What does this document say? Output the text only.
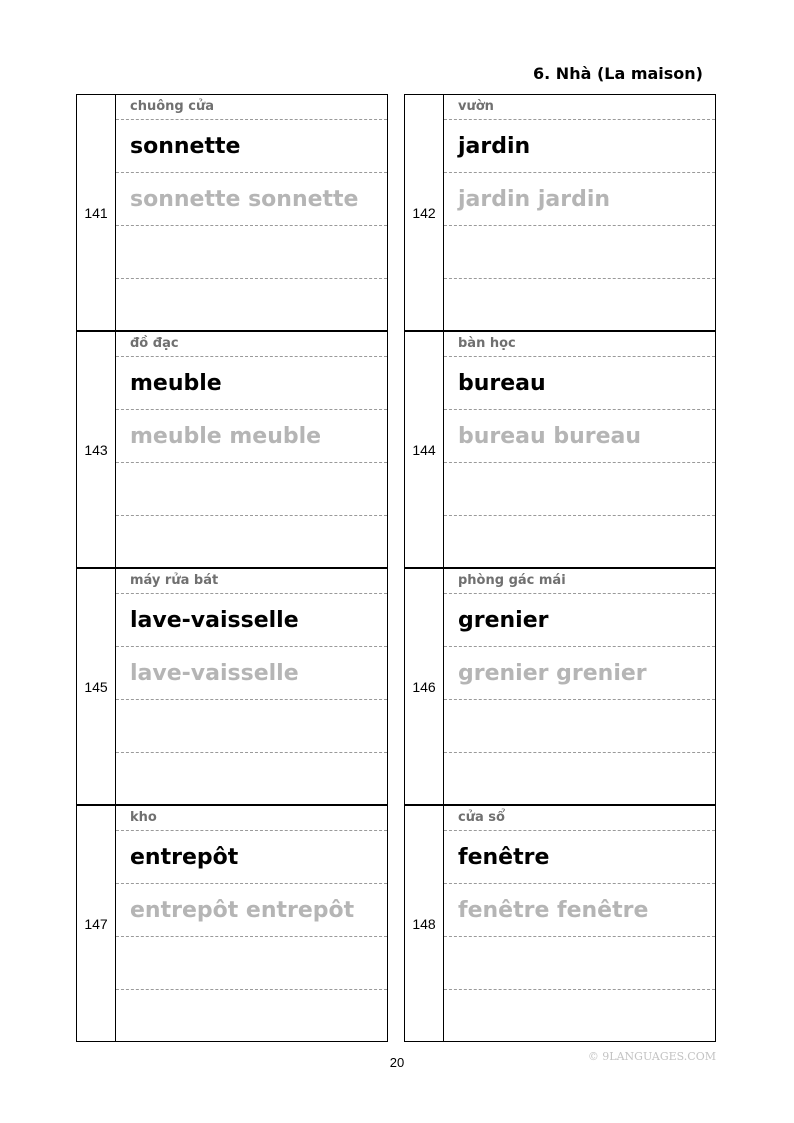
6. Nhà (La maison)
141
chuông cửa
sonnette
sonnette sonnette
142
vườn
jardin
jardin jardin
143
đồ đạc
meuble
meuble meuble
144
bàn học
bureau
bureau bureau
145
máy rửa bát
lave-vaisselle
lave-vaisselle
146
phòng gác mái
grenier
grenier grenier
147
kho
entrepôt
entrepôt entrepôt
148
cửa sổ
fenêtre
fenêtre fenêtre
20	© 9LANGUAGES.COM
